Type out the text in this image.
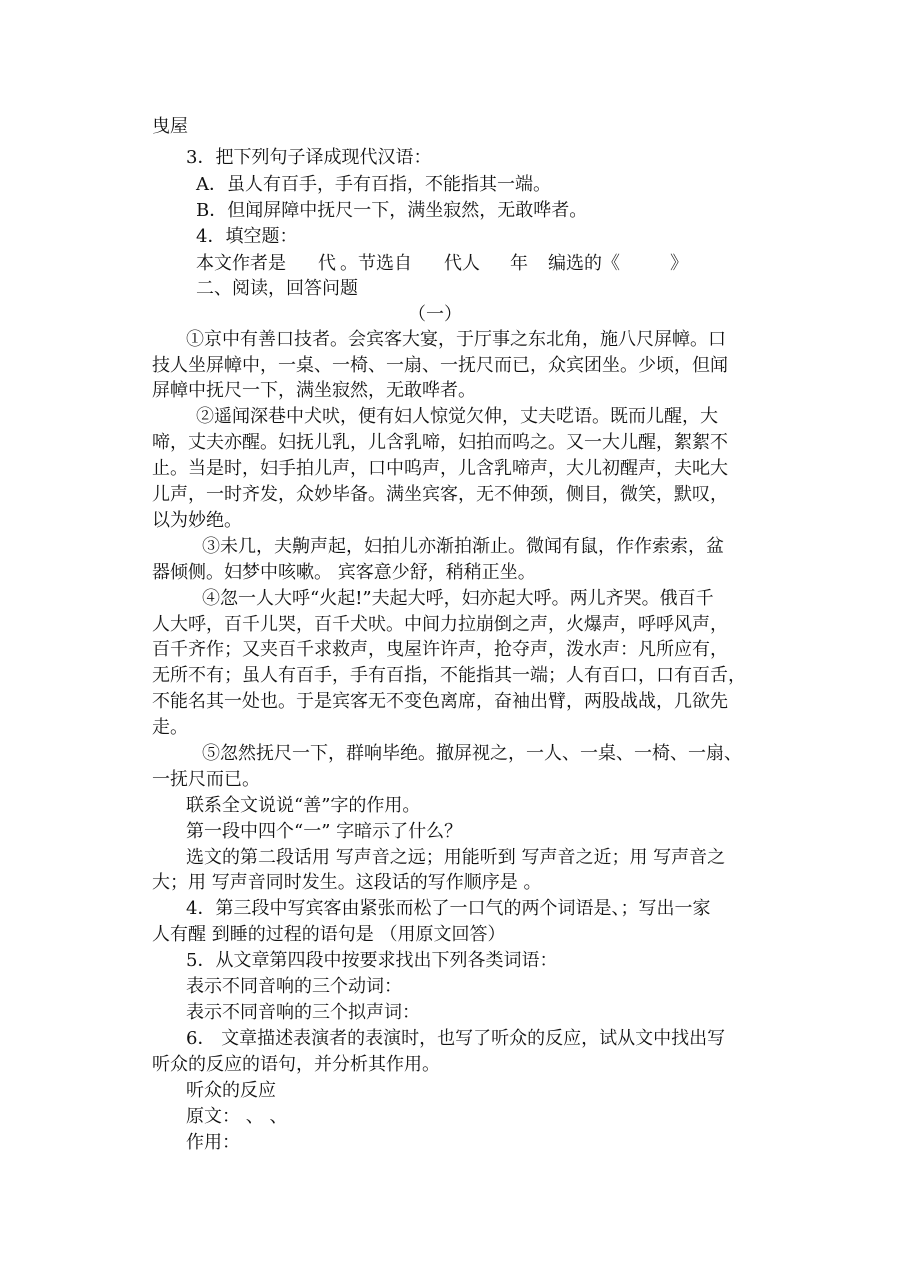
曳屋
3．把下列句子译成现代汉语：
A．虽人有百手，手有百指，不能指其一端。
B．但闻屏障中抚尺一下，满坐寂然，无敢哗者。
4．填空题：
本文作者是 代 。节选自 代人 年 编选的《	》
二、阅读，回答问题
（一）
①京中有善口技者。会宾客大宴，于厅事之东北角，施八尺屏幛。口
技人坐屏幛中，一桌、一椅、一扇、一抚尺而已，众宾团坐。少顷，但闻
屏幛中抚尺一下，满坐寂然，无敢哗者。
②遥闻深巷中犬吠，便有妇人惊觉欠伸，丈夫呓语。既而儿醒，大
啼，丈夫亦醒。妇抚儿乳，儿含乳啼，妇拍而呜之。又一大儿醒，絮絮不
止。当是时，妇手拍儿声，口中呜声，儿含乳啼声，大儿初醒声，夫叱大
儿声，一时齐发，众妙毕备。满坐宾客，无不伸颈，侧目，微笑，默叹，
以为妙绝。
③未几，夫齁声起，妇拍儿亦渐拍渐止。微闻有鼠，作作索索，盆
器倾侧。妇梦中咳嗽。 宾客意少舒，稍稍正坐。
④忽一人大呼“火起!”夫起大呼，妇亦起大呼。两儿齐哭。俄百千
人大呼，百千儿哭，百千犬吠。中间力拉崩倒之声，火爆声，呼呼风声，
百千齐作；又夹百千求救声，曳屋许许声，抢夺声，泼水声：凡所应有，
无所不有；虽人有百手，手有百指，不能指其一端；人有百口，口有百舌，
不能名其一处也。于是宾客无不变色离席，奋袖出臂，两股战战，几欲先
走。
⑤忽然抚尺一下，群响毕绝。撤屏视之，一人、一桌、一椅、一扇、
一抚尺而已。
联系全文说说“善”字的作用。
第一段中四个“一” 字暗示了什么？
选文的第二段话用 写声音之远；用能听到 写声音之近；用 写声音之
大；用 写声音同时发生。这段话的写作顺序是 。
4．第三段中写宾客由紧张而松了一口气的两个词语是、；写出一家
人有醒 到睡的过程的语句是 （用原文回答）
5．从文章第四段中按要求找出下列各类词语：
表示不同音响的三个动词：
表示不同音响的三个拟声词：
6． 文章描述表演者的表演时，也写了听众的反应，试从文中找出写
听众的反应的语句，并分析其作用。
听众的反应
原文： 、 、
作用：
